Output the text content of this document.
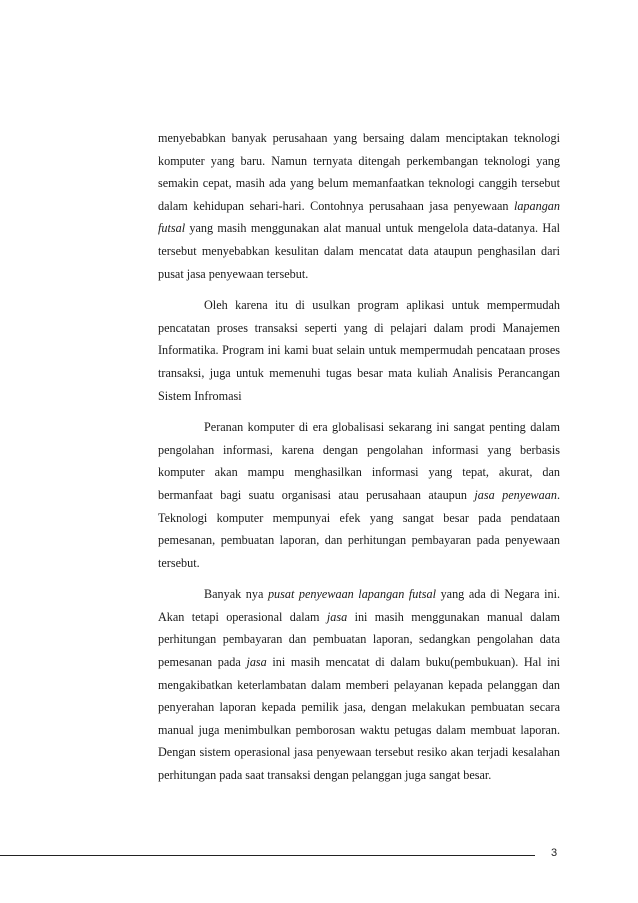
menyebabkan banyak perusahaan yang bersaing dalam menciptakan teknologi komputer yang baru. Namun ternyata ditengah perkembangan teknologi yang semakin cepat, masih ada yang belum memanfaatkan teknologi canggih tersebut dalam kehidupan sehari-hari. Contohnya perusahaan jasa penyewaan lapangan futsal yang masih menggunakan alat manual untuk mengelola data-datanya. Hal tersebut menyebabkan kesulitan dalam mencatat data ataupun penghasilan dari pusat jasa penyewaan tersebut.

Oleh karena itu di usulkan program aplikasi untuk mempermudah pencatatan proses transaksi seperti yang di pelajari dalam prodi Manajemen Informatika. Program ini kami buat selain untuk mempermudah pencataan proses transaksi, juga untuk memenuhi tugas besar mata kuliah Analisis Perancangan Sistem Infromasi

Peranan komputer di era globalisasi sekarang ini sangat penting dalam pengolahan informasi, karena dengan pengolahan informasi yang berbasis komputer akan mampu menghasilkan informasi yang tepat, akurat, dan bermanfaat bagi suatu organisasi atau perusahaan ataupun jasa penyewaan. Teknologi komputer mempunyai efek yang sangat besar pada pendataan pemesanan, pembuatan laporan, dan perhitungan pembayaran pada penyewaan tersebut.

Banyak nya pusat penyewaan lapangan futsal yang ada di Negara ini. Akan tetapi operasional dalam jasa ini masih menggunakan manual dalam perhitungan pembayaran dan pembuatan laporan, sedangkan pengolahan data pemesanan pada jasa ini masih mencatat di dalam buku(pembukuan). Hal ini mengakibatkan keterlambatan dalam memberi pelayanan kepada pelanggan dan penyerahan laporan kepada pemilik jasa, dengan melakukan pembuatan secara manual juga menimbulkan pemborosan waktu petugas dalam membuat laporan. Dengan sistem operasional jasa penyewaan tersebut resiko akan terjadi kesalahan perhitungan pada saat transaksi dengan pelanggan juga sangat besar.

3
